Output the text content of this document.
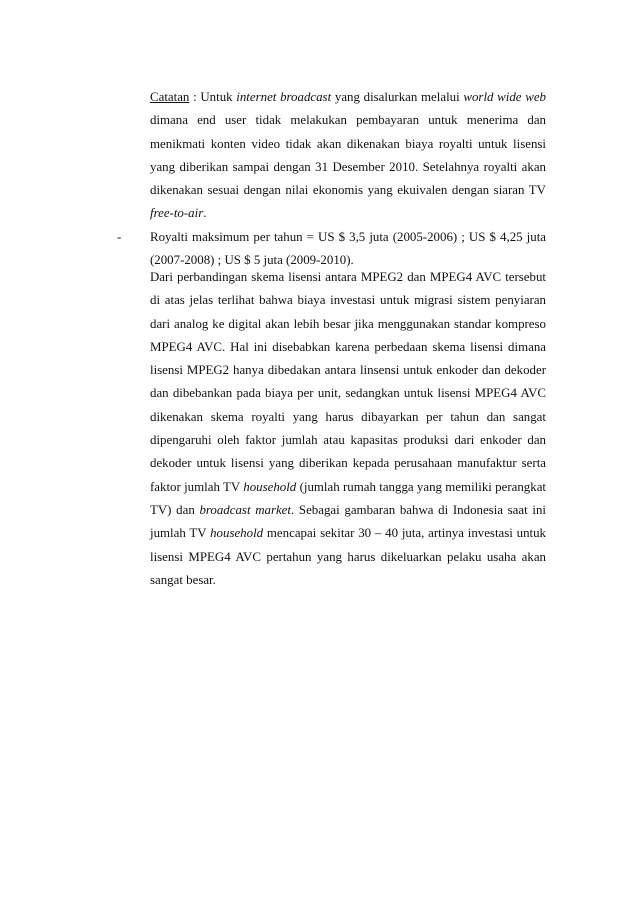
Catatan : Untuk internet broadcast yang disalurkan melalui world wide web dimana end user tidak melakukan pembayaran untuk menerima dan menikmati konten video tidak akan dikenakan biaya royalti untuk lisensi yang diberikan sampai dengan 31 Desember 2010. Setelahnya royalti akan dikenakan sesuai dengan nilai ekonomis yang ekuivalen dengan siaran TV free-to-air.

- Royalti maksimum per tahun = US $ 3,5 juta (2005-2006) ; US $ 4,25 juta (2007-2008) ; US $ 5 juta (2009-2010).

Dari perbandingan skema lisensi antara MPEG2 dan MPEG4 AVC tersebut di atas jelas terlihat bahwa biaya investasi untuk migrasi sistem penyiaran dari analog ke digital akan lebih besar jika menggunakan standar kompreso MPEG4 AVC. Hal ini disebabkan karena perbedaan skema lisensi dimana lisensi MPEG2 hanya dibedakan antara linsensi untuk enkoder dan dekoder dan dibebankan pada biaya per unit, sedangkan untuk lisensi MPEG4 AVC dikenakan skema royalti yang harus dibayarkan per tahun dan sangat dipengaruhi oleh faktor jumlah atau kapasitas produksi dari enkoder dan dekoder untuk lisensi yang diberikan kepada perusahaan manufaktur serta faktor jumlah TV household (jumlah rumah tangga yang memiliki perangkat TV) dan broadcast market. Sebagai gambaran bahwa di Indonesia saat ini jumlah TV household mencapai sekitar 30 – 40 juta, artinya investasi untuk lisensi MPEG4 AVC pertahun yang harus dikeluarkan pelaku usaha akan sangat besar.
